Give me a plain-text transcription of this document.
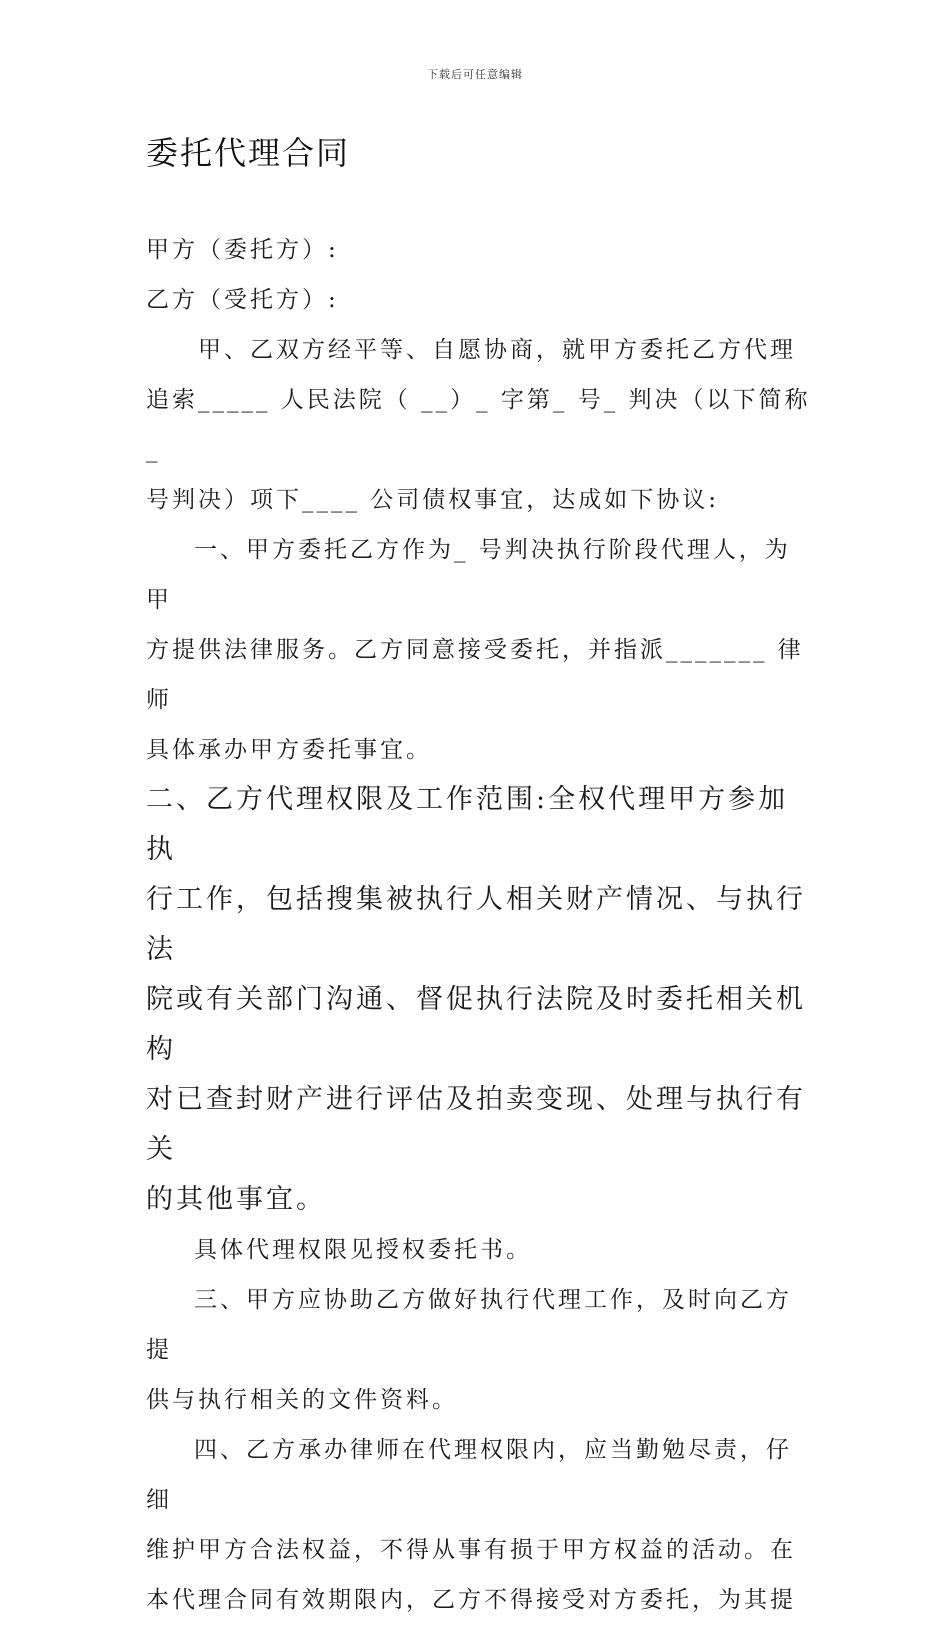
下载后可任意编辑
委托代理合同

甲方（委托方）:

乙方（受托方）:

甲、乙双方经平等、自愿协商，就甲方委托乙方代理

追索_____ 人民法院（ __）_ 字第_ 号_ 判决（以下简称_

号判决）项下____ 公司债权事宜，达成如下协议:

一、甲方委托乙方作为_ 号判决执行阶段代理人，为甲

方提供法律服务。乙方同意接受委托，并指派_______ 律师

具体承办甲方委托事宜。

二、乙方代理权限及工作范围:全权代理甲方参加执

行工作，包括搜集被执行人相关财产情况、与执行法

院或有关部门沟通、督促执行法院及时委托相关机构

对已查封财产进行评估及拍卖变现、处理与执行有关

的其他事宜。

具体代理权限见授权委托书。

三、甲方应协助乙方做好执行代理工作，及时向乙方提

供与执行相关的文件资料。

四、乙方承办律师在代理权限内，应当勤勉尽责，仔细

维护甲方合法权益，不得从事有损于甲方权益的活动。在

本代理合同有效期限内，乙方不得接受对方委托，为其提
